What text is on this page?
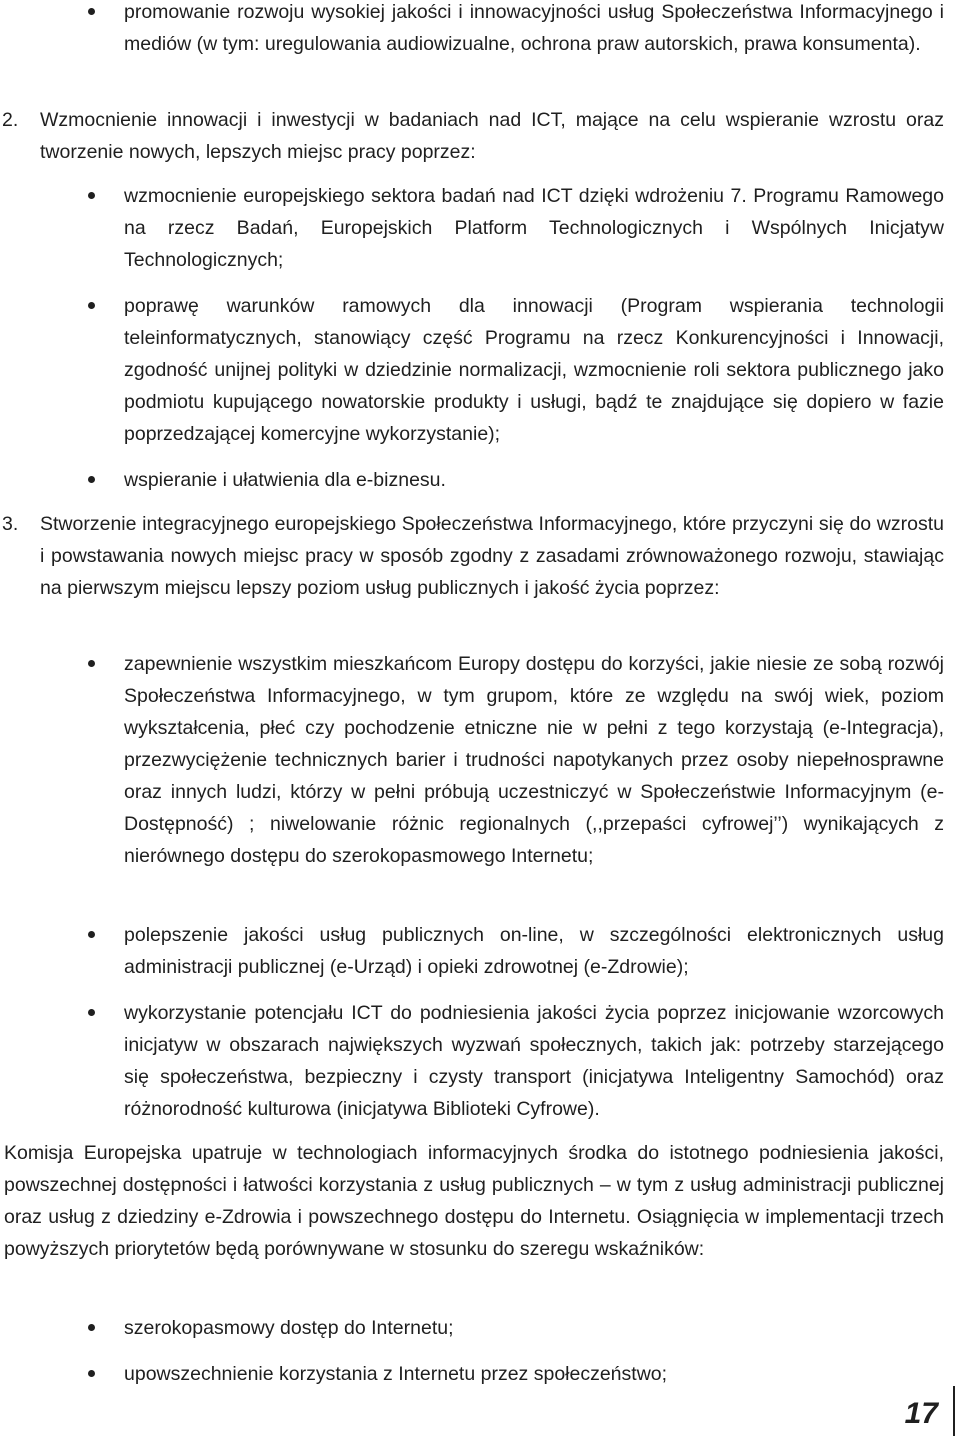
promowanie rozwoju wysokiej jakości i innowacyjności usług Społeczeństwa Informacyjnego i mediów (w tym: uregulowania audiowizualne, ochrona praw autorskich, prawa konsumenta).
2. Wzmocnienie innowacji i inwestycji w badaniach nad ICT, mające na celu wspieranie wzrostu oraz tworzenie nowych, lepszych miejsc pracy poprzez:
wzmocnienie europejskiego sektora badań nad ICT dzięki wdrożeniu 7. Programu Ramowego na rzecz Badań, Europejskich Platform Technologicznych i Wspólnych Inicjatyw Technologicznych;
poprawę warunków ramowych dla innowacji (Program wspierania technologii teleinformatycznych, stanowiący część Programu na rzecz Konkurencyjności i Innowacji, zgodność unijnej polityki w dziedzinie normalizacji, wzmocnienie roli sektora publicznego jako podmiotu kupującego nowatorskie produkty i usługi, bądź te znajdujące się dopiero w fazie poprzedzającej komercyjne wykorzystanie);
wspieranie i ułatwienia dla e-biznesu.
3. Stworzenie integracyjnego europejskiego Społeczeństwa Informacyjnego, które przyczyni się do wzrostu i powstawania nowych miejsc pracy w sposób zgodny z zasadami zrównoważonego rozwoju, stawiając na pierwszym miejscu lepszy poziom usług publicznych i jakość życia poprzez:
zapewnienie wszystkim mieszkańcom Europy dostępu do korzyści, jakie niesie ze sobą rozwój Społeczeństwa Informacyjnego, w tym grupom, które ze względu na swój wiek, poziom wykształcenia, płeć czy pochodzenie etniczne nie w pełni z tego korzystają (e-Integracja), przezwyciężenie technicznych barier i trudności napotykanych przez osoby niepełnosprawne oraz innych ludzi, którzy w pełni próbują uczestniczyć w Społeczeństwie Informacyjnym (e-Dostępność) ; niwelowanie różnic regionalnych (,,przepaści cyfrowej’’) wynikających z nierównego dostępu do szerokopasmowego Internetu;
polepszenie jakości usług publicznych on-line, w szczególności elektronicznych usług administracji publicznej (e-Urząd) i opieki zdrowotnej (e-Zdrowie);
wykorzystanie potencjału ICT do podniesienia jakości życia poprzez inicjowanie wzorcowych inicjatyw w obszarach największych wyzwań społecznych, takich jak: potrzeby starzejącego się społeczeństwa, bezpieczny i czysty transport (inicjatywa Inteligentny Samochód) oraz różnorodność kulturowa (inicjatywa Biblioteki Cyfrowe).
Komisja Europejska upatruje w technologiach informacyjnych środka do istotnego podniesienia jakości, powszechnej dostępności i łatwości korzystania z usług publicznych – w tym z usług administracji publicznej oraz usług z dziedziny e-Zdrowia i powszechnego dostępu do Internetu. Osiągnięcia w implementacji trzech powyższych priorytetów będą porównywane w stosunku do szeregu wskaźników:
szerokopasmowy dostęp do Internetu;
upowszechnienie korzystania z Internetu przez społeczeństwo;
17
